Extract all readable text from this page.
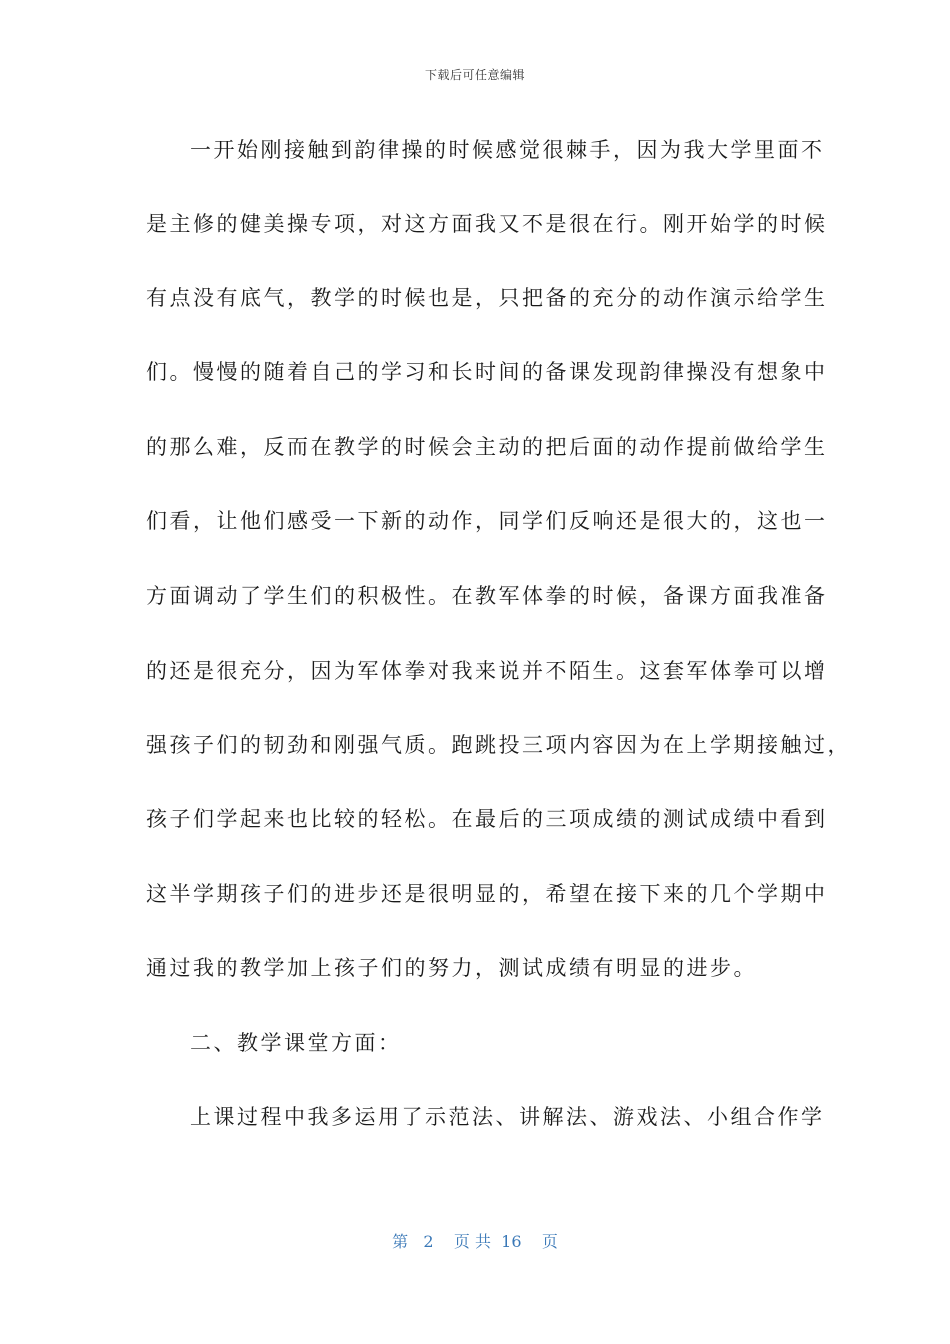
下载后可任意编辑
一开始刚接触到韵律操的时候感觉很棘手，因为我大学里面不
是主修的健美操专项，对这方面我又不是很在行。刚开始学的时候
有点没有底气，教学的时候也是，只把备的充分的动作演示给学生
们。慢慢的随着自己的学习和长时间的备课发现韵律操没有想象中
的那么难，反而在教学的时候会主动的把后面的动作提前做给学生
们看，让他们感受一下新的动作，同学们反响还是很大的，这也一
方面调动了学生们的积极性。在教军体拳的时候，备课方面我准备
的还是很充分，因为军体拳对我来说并不陌生。这套军体拳可以增
强孩子们的韧劲和刚强气质。跑跳投三项内容因为在上学期接触过，
孩子们学起来也比较的轻松。在最后的三项成绩的测试成绩中看到
这半学期孩子们的进步还是很明显的，希望在接下来的几个学期中
通过我的教学加上孩子们的努力，测试成绩有明显的进步。
二、教学课堂方面：
上课过程中我多运用了示范法、讲解法、游戏法、小组合作学
第 2 页 共 16 页
